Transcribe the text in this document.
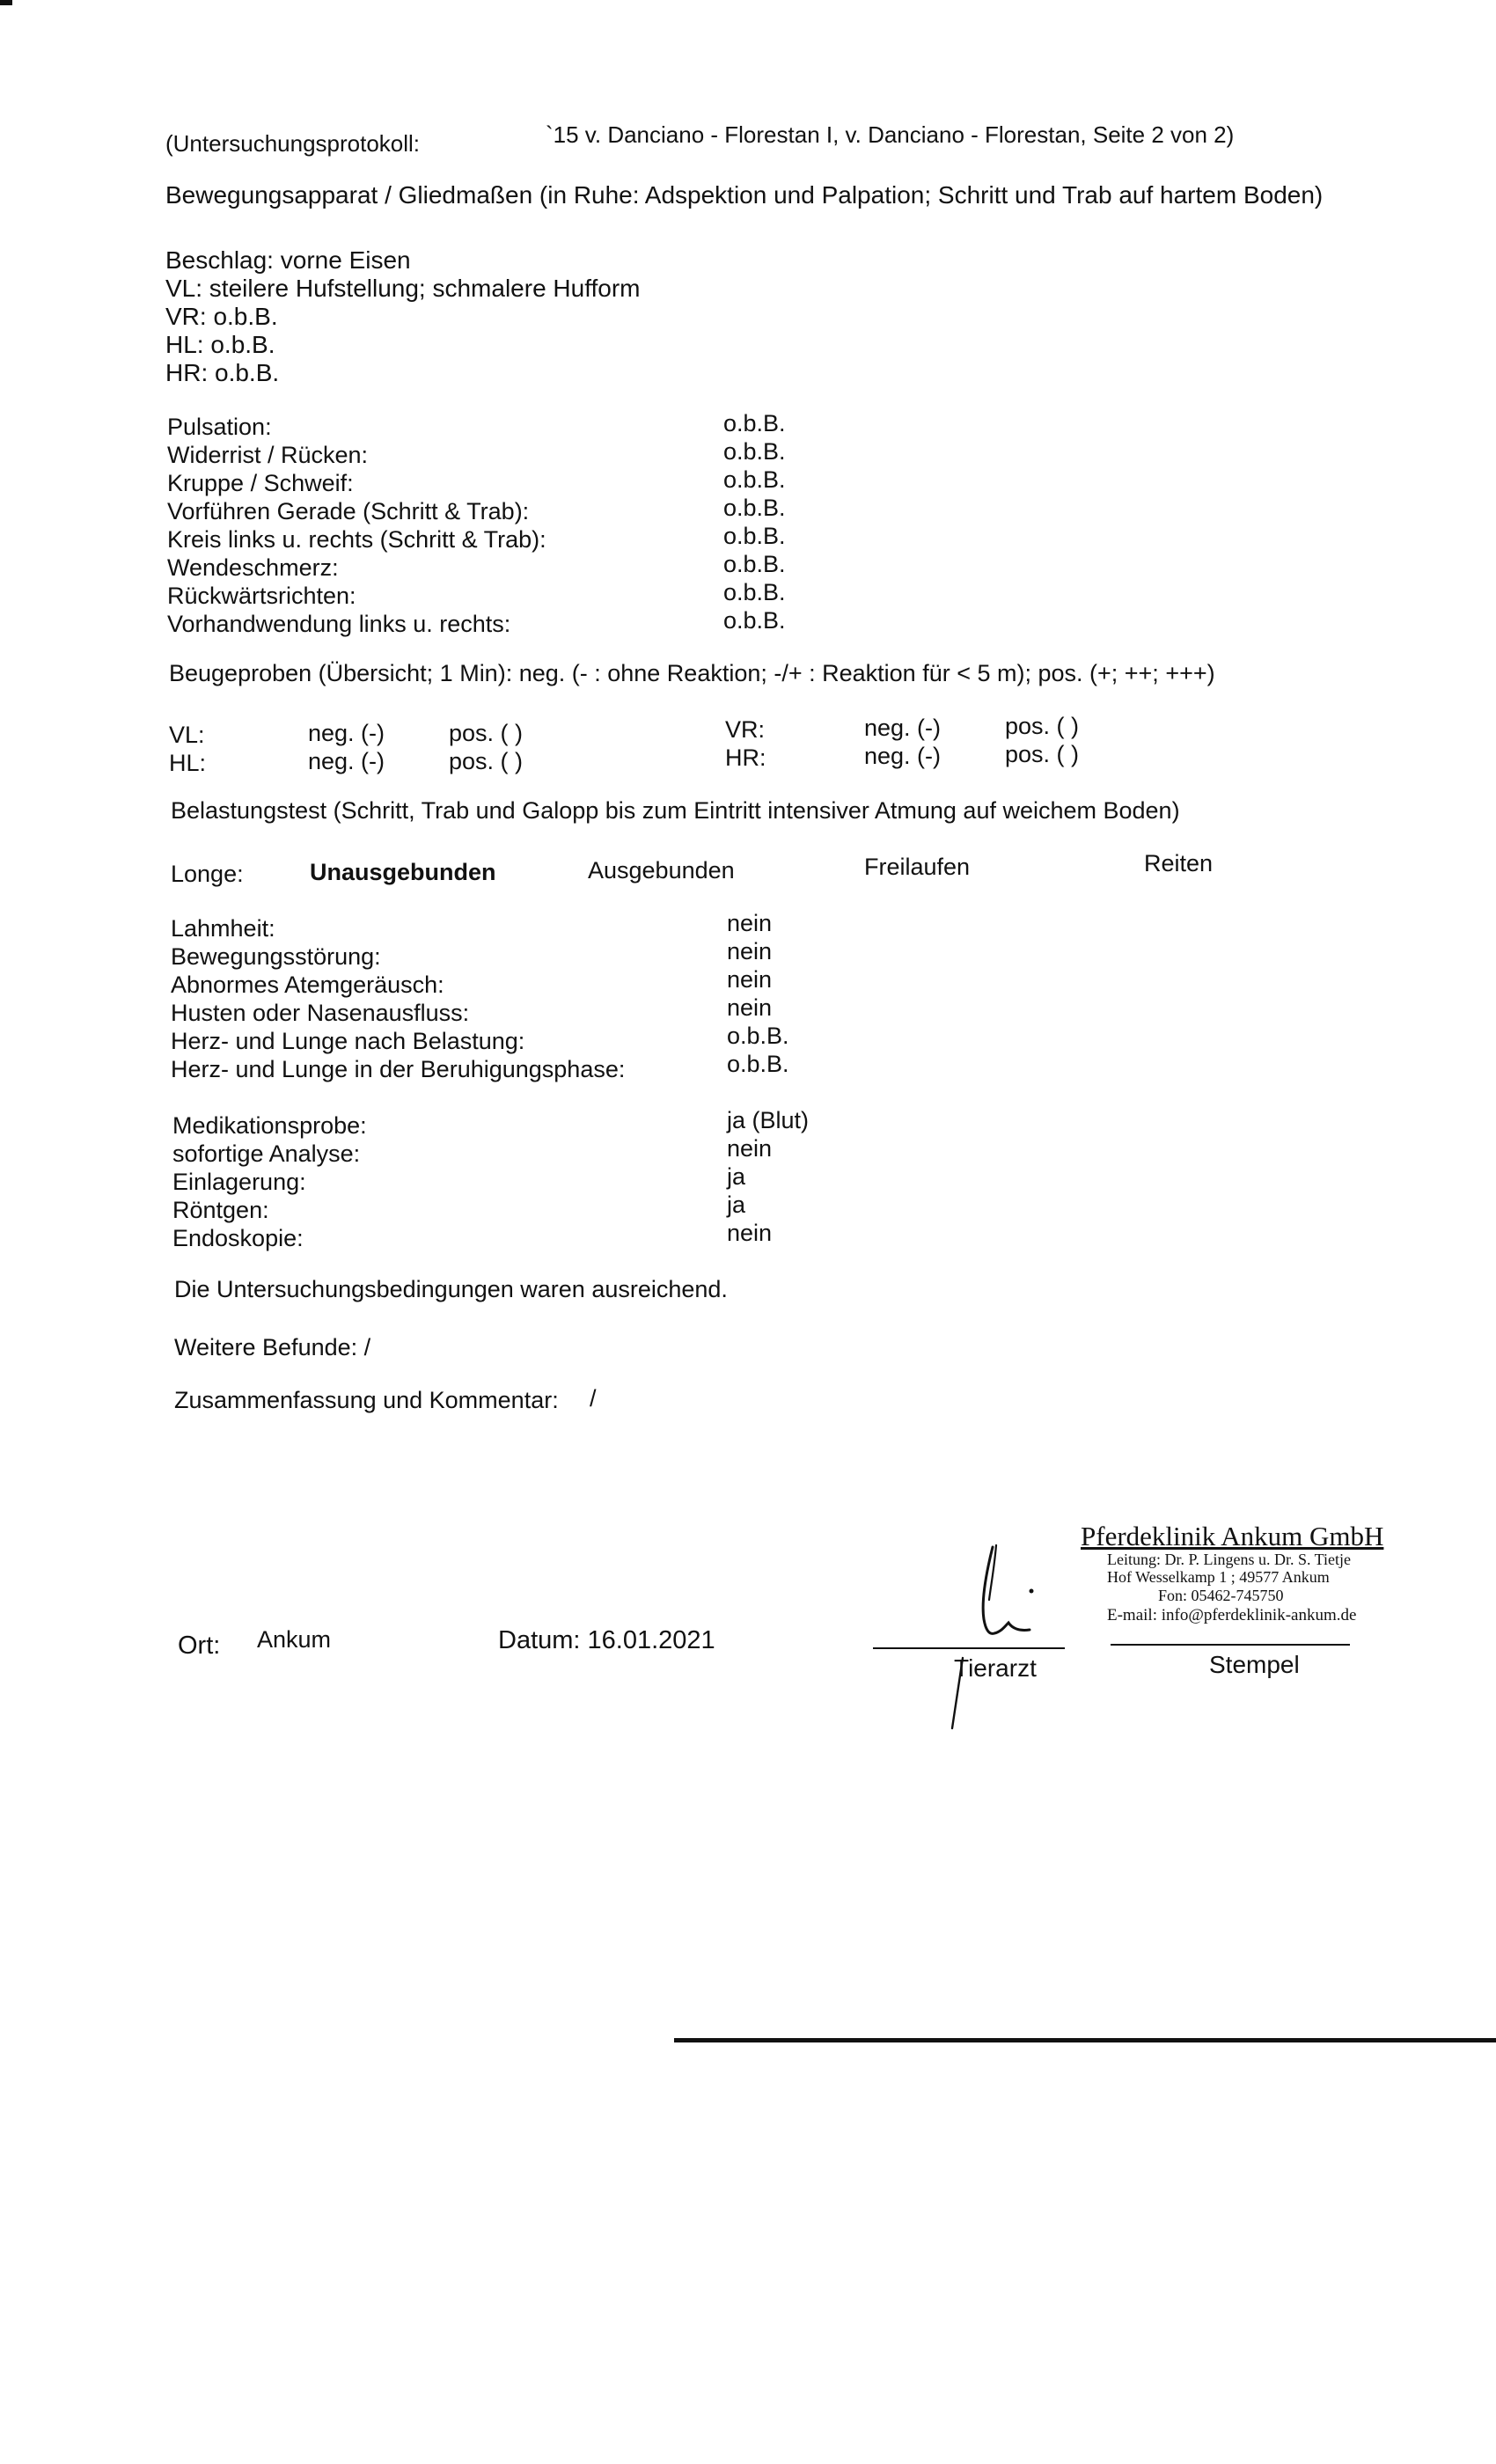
(Untersuchungsprotokoll:	`15 v. Danciano - Florestan I, v. Danciano - Florestan, Seite 2 von 2)
Bewegungsapparat / Gliedmaßen (in Ruhe: Adspektion und Palpation; Schritt und Trab auf hartem Boden)
Beschlag: vorne Eisen
VL: steilere Hufstellung; schmalere Hufform
VR: o.b.B.
HL: o.b.B.
HR: o.b.B.
Pulsation:	o.b.B.
Widerrist / Rücken:	o.b.B.
Kruppe / Schweif:	o.b.B.
Vorführen Gerade (Schritt & Trab):	o.b.B.
Kreis links u. rechts (Schritt & Trab):	o.b.B.
Wendeschmerz:	o.b.B.
Rückwärtsrichten:	o.b.B.
Vorhandwendung links u. rechts:	o.b.B.
Beugeproben (Übersicht; 1 Min): neg. (- : ohne Reaktion; -/+ : Reaktion für < 5 m); pos. (+; ++; +++)
VL:	neg. (-)	pos. ( )	VR:	neg. (-)	pos. ( )
HL:	neg. (-)	pos. ( )	HR:	neg. (-)	pos. ( )
Belastungstest (Schritt, Trab und Galopp bis zum Eintritt intensiver Atmung auf weichem Boden)
Longe:	Unausgebunden	Ausgebunden	Freilaufen	Reiten
Lahmheit:	nein
Bewegungsstörung:	nein
Abnormes Atemgeräusch:	nein
Husten oder Nasenausfluss:	nein
Herz- und Lunge nach Belastung:	o.b.B.
Herz- und Lunge in der Beruhigungsphase:	o.b.B.
Medikationsprobe:	ja (Blut)
sofortige Analyse:	nein
Einlagerung:	ja
Röntgen:	ja
Endoskopie:	nein
Die Untersuchungsbedingungen waren ausreichend.
Weitere Befunde: /
Zusammenfassung und Kommentar: /
Pferdeklinik Ankum GmbH
Leitung: Dr. P. Lingens u. Dr. S. Tietje
Hof Wesselkamp 1 ; 49577 Ankum
Fon: 05462-745750
E-mail: info@pferdeklinik-ankum.de
Ort: Ankum	Datum: 16.01.2021
Tierarzt	Stempel
